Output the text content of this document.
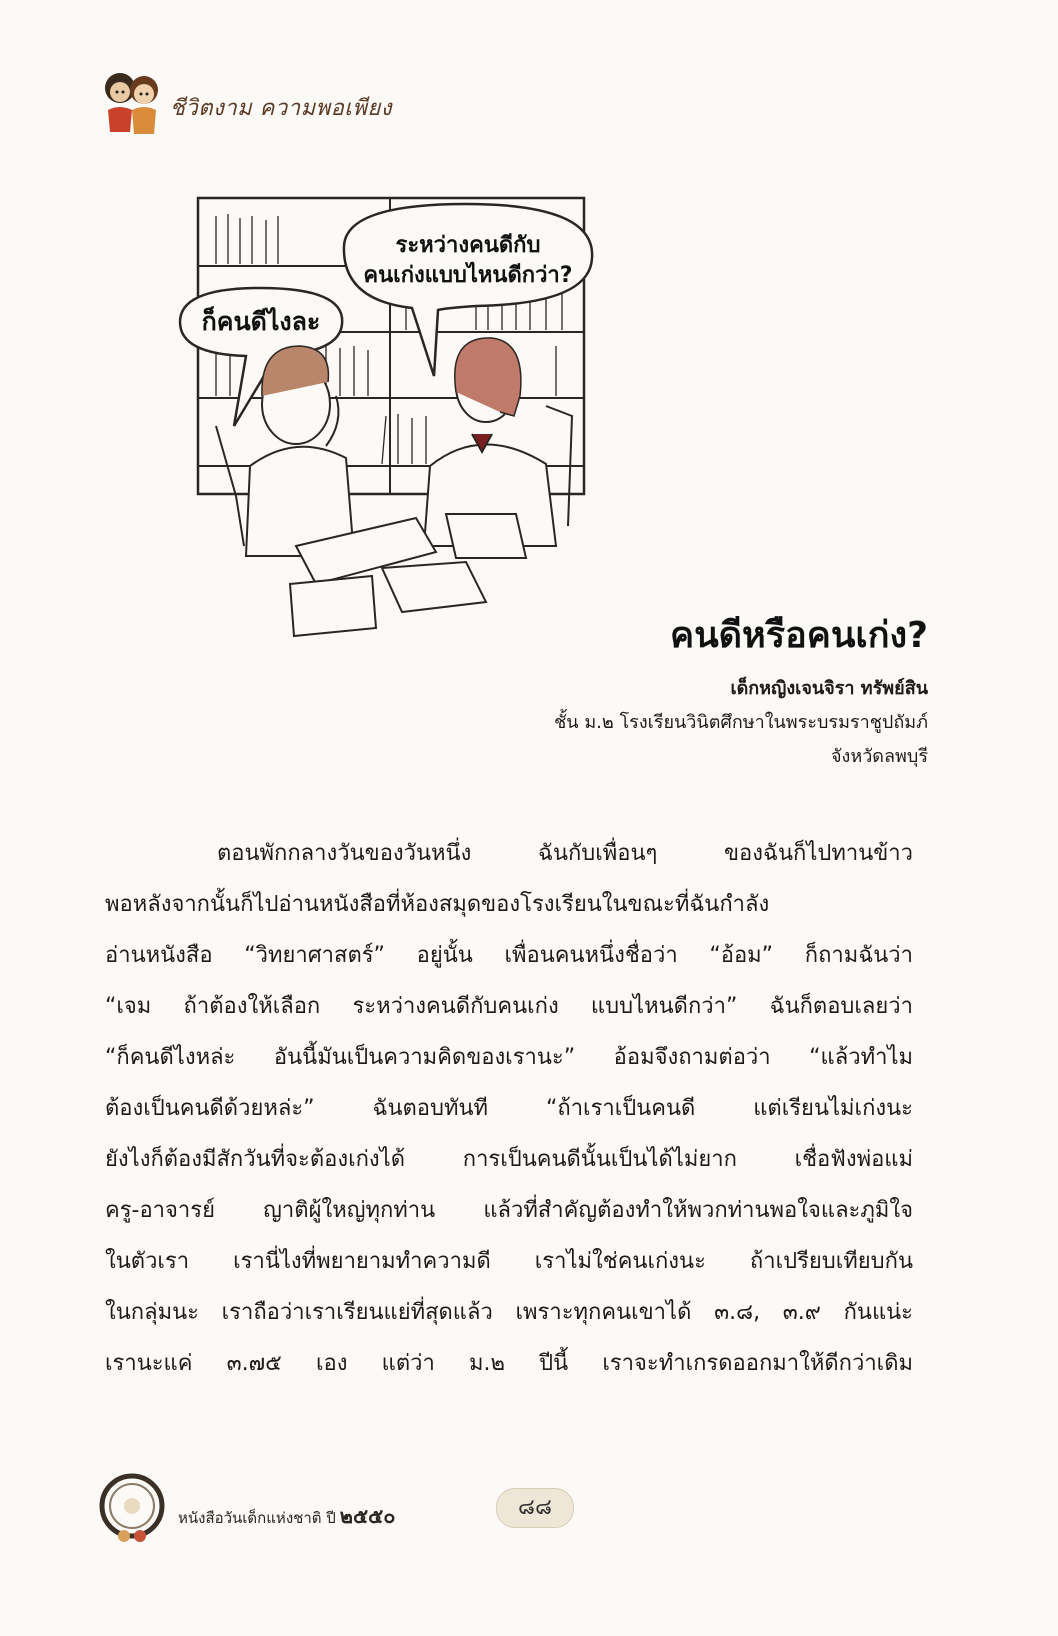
ชีวิตงาม ความพอเพียง
ระหว่างคนดีกับ
คนเก่งแบบไหนดีกว่า?
ก็คนดีไงละ
คนดีหรือคนเก่ง?
เด็กหญิงเจนจิรา ทรัพย์สิน
ชั้น ม.๒ โรงเรียนวินิตศึกษาในพระบรมราชูปถัมภ์
จังหวัดลพบุรี

ตอนพักกลางวันของวันหนึ่ง ฉันกับเพื่อนๆ ของฉันก็ไปทานข้าว

พอหลังจากนั้นก็ไปอ่านหนังสือที่ห้องสมุดของโรงเรียนในขณะที่ฉันกำลัง

อ่านหนังสือ “วิทยาศาสตร์” อยู่นั้น เพื่อนคนหนึ่งชื่อว่า “อ้อม” ก็ถามฉันว่า

“เจม ถ้าต้องให้เลือก ระหว่างคนดีกับคนเก่ง แบบไหนดีกว่า” ฉันก็ตอบเลยว่า

“ก็คนดีไงหล่ะ อันนี้มันเป็นความคิดของเรานะ” อ้อมจึงถามต่อว่า “แล้วทำไม

ต้องเป็นคนดีด้วยหล่ะ” ฉันตอบทันที “ถ้าเราเป็นคนดี แต่เรียนไม่เก่งนะ

ยังไงก็ต้องมีสักวันที่จะต้องเก่งได้ การเป็นคนดีนั้นเป็นได้ไม่ยาก เชื่อฟังพ่อแม่

ครู-อาจารย์ ญาติผู้ใหญ่ทุกท่าน แล้วที่สำคัญต้องทำให้พวกท่านพอใจและภูมิใจ

ในตัวเรา เรานี่ไงที่พยายามทำความดี เราไม่ใช่คนเก่งนะ ถ้าเปรียบเทียบกัน

ในกลุ่มนะ เราถือว่าเราเรียนแย่ที่สุดแล้ว เพราะทุกคนเขาได้ ๓.๘, ๓.๙ กันแน่ะ

เรานะแค่ ๓.๗๕ เอง แต่ว่า ม.๒ ปีนี้ เราจะทำเกรดออกมาให้ดีกว่าเดิม

หนังสือวันเด็กแห่งชาติ ปี ๒๕๕๐	๘๘
